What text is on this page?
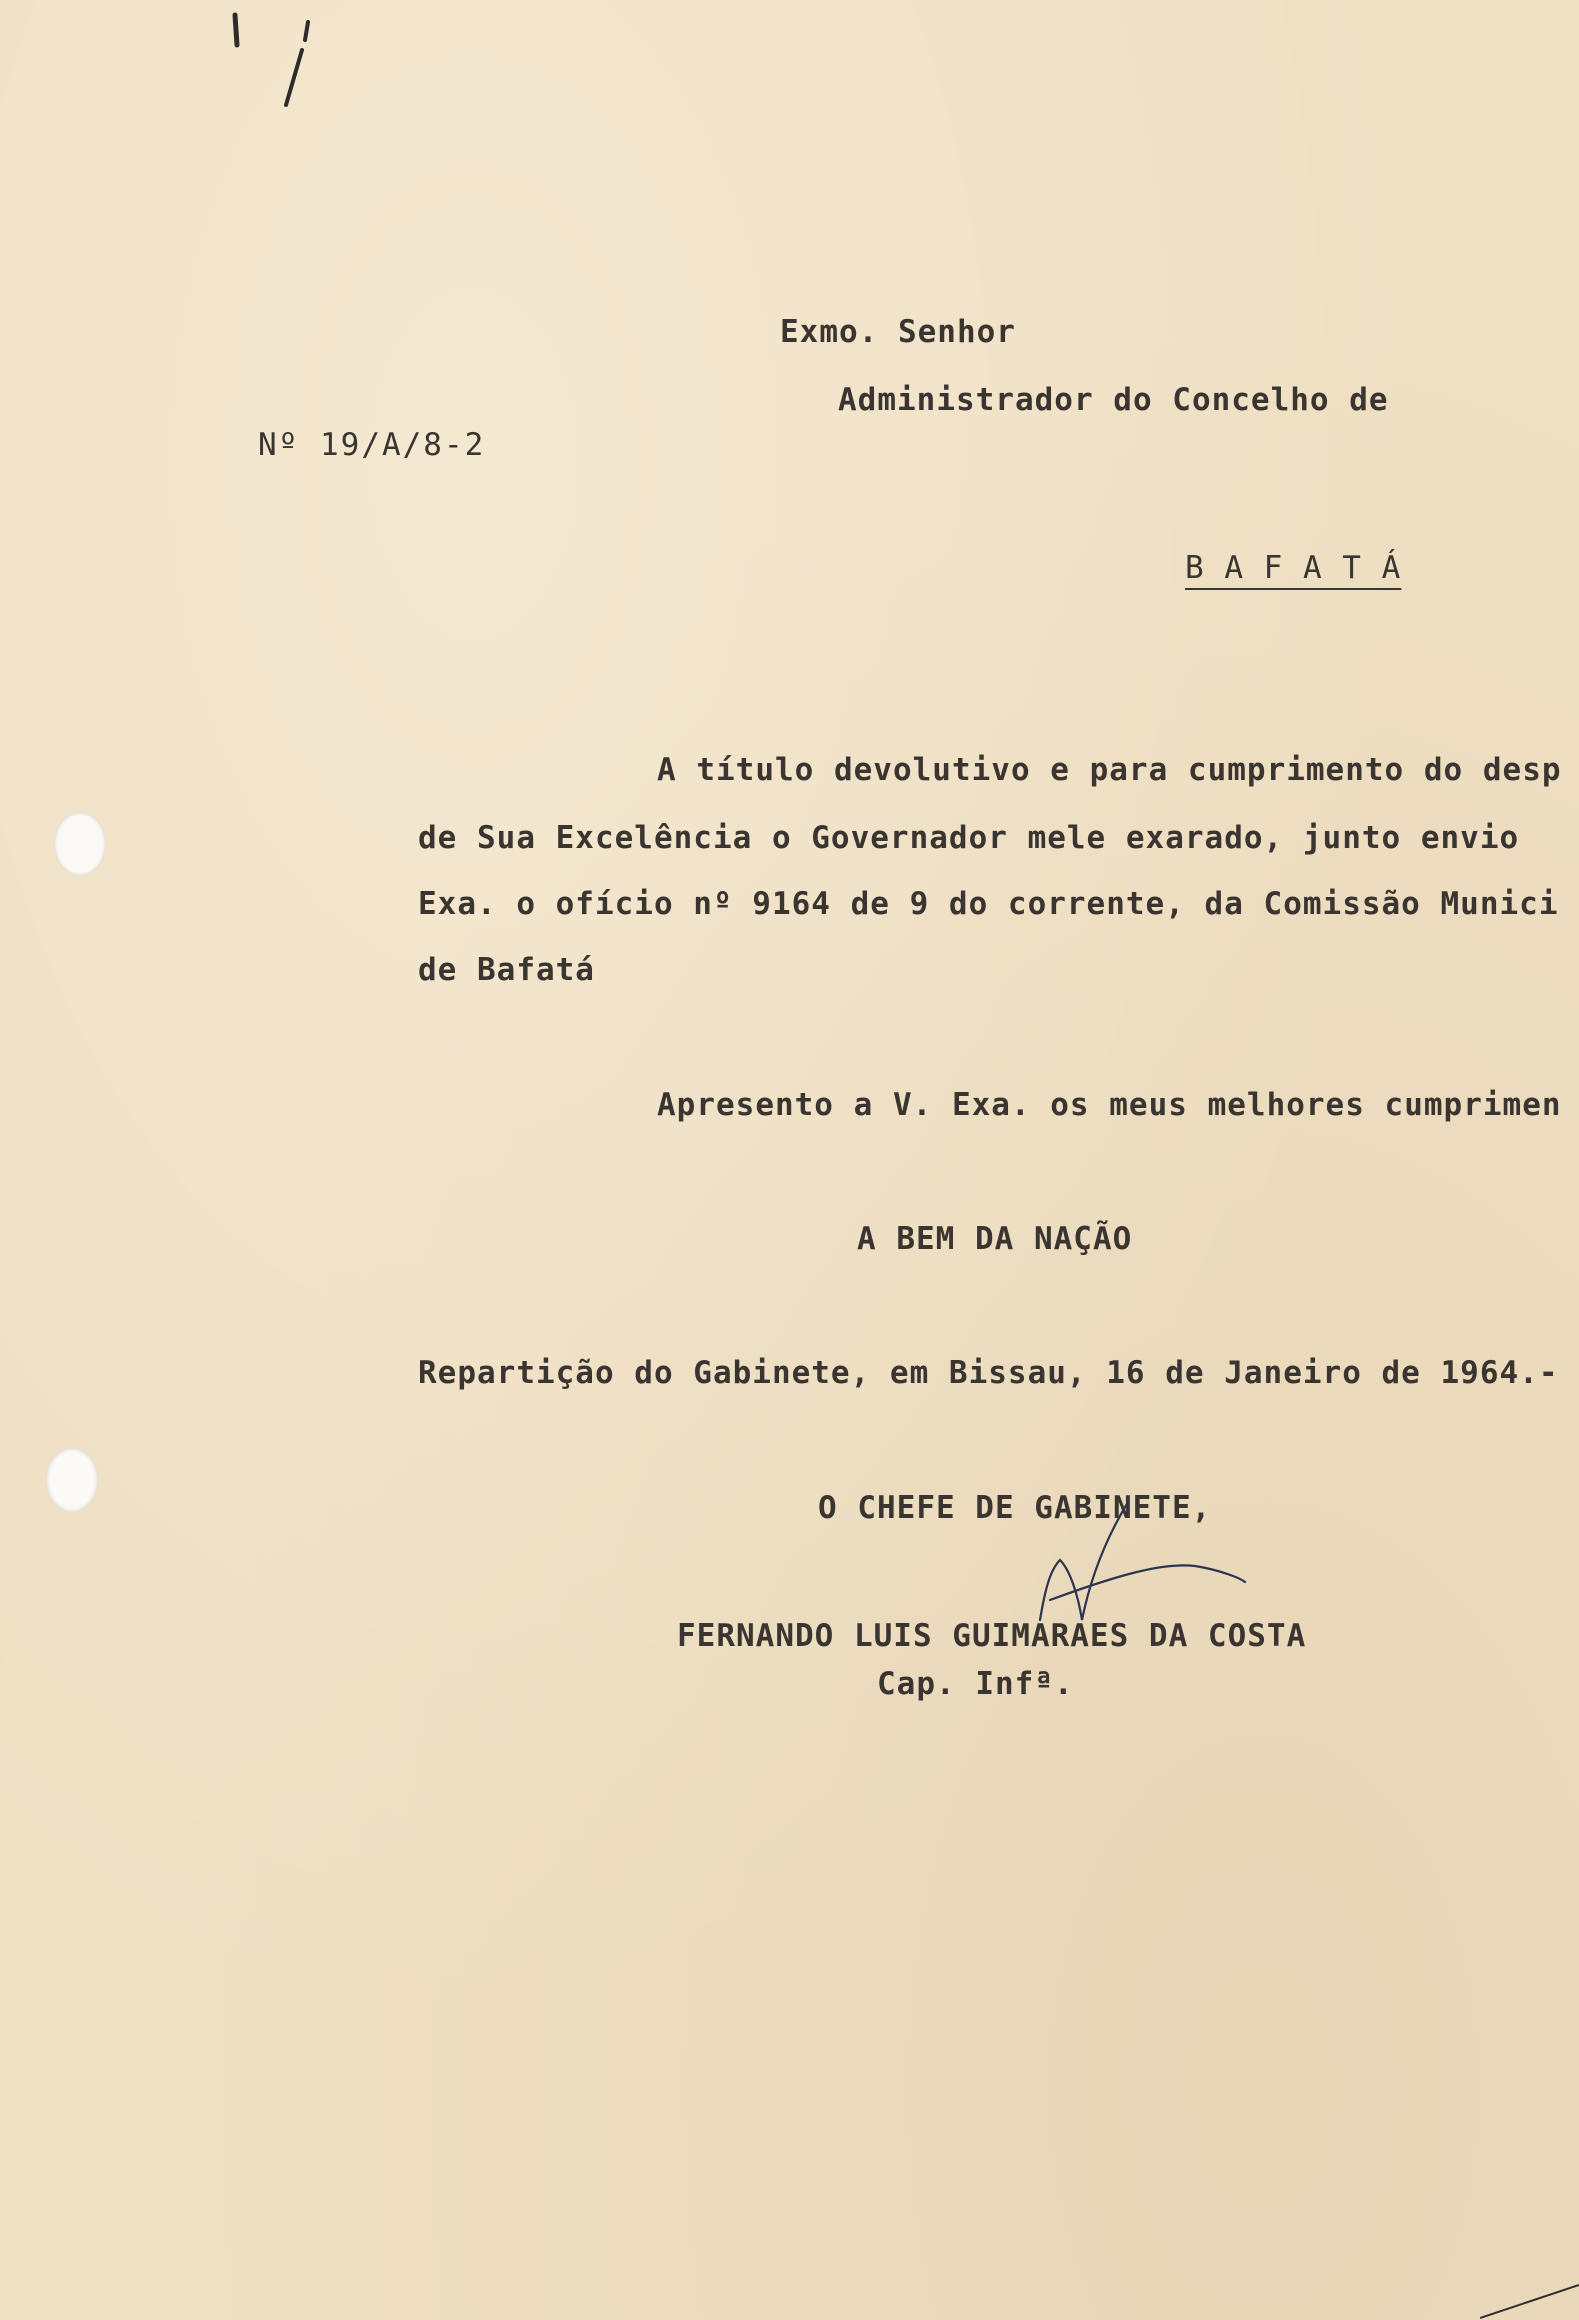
Nº 19/A/8-2

Exmo. Senhor

Administrador do Concelho de

B A F A T Á

A título devolutivo e para cumprimento do desp

de Sua Excelência o Governador mele exarado, junto envio

Exa. o ofício nº 9164 de 9 do corrente, da Comissão Munici

de Bafatá

Apresento a V. Exa. os meus melhores cumprimen

A BEM DA NAÇÃO

Repartição do Gabinete, em Bissau, 16 de Janeiro de 1964.-

O CHEFE DE GABINETE,

FERNANDO LUIS GUIMARAES DA COSTA

Cap. Infª.
